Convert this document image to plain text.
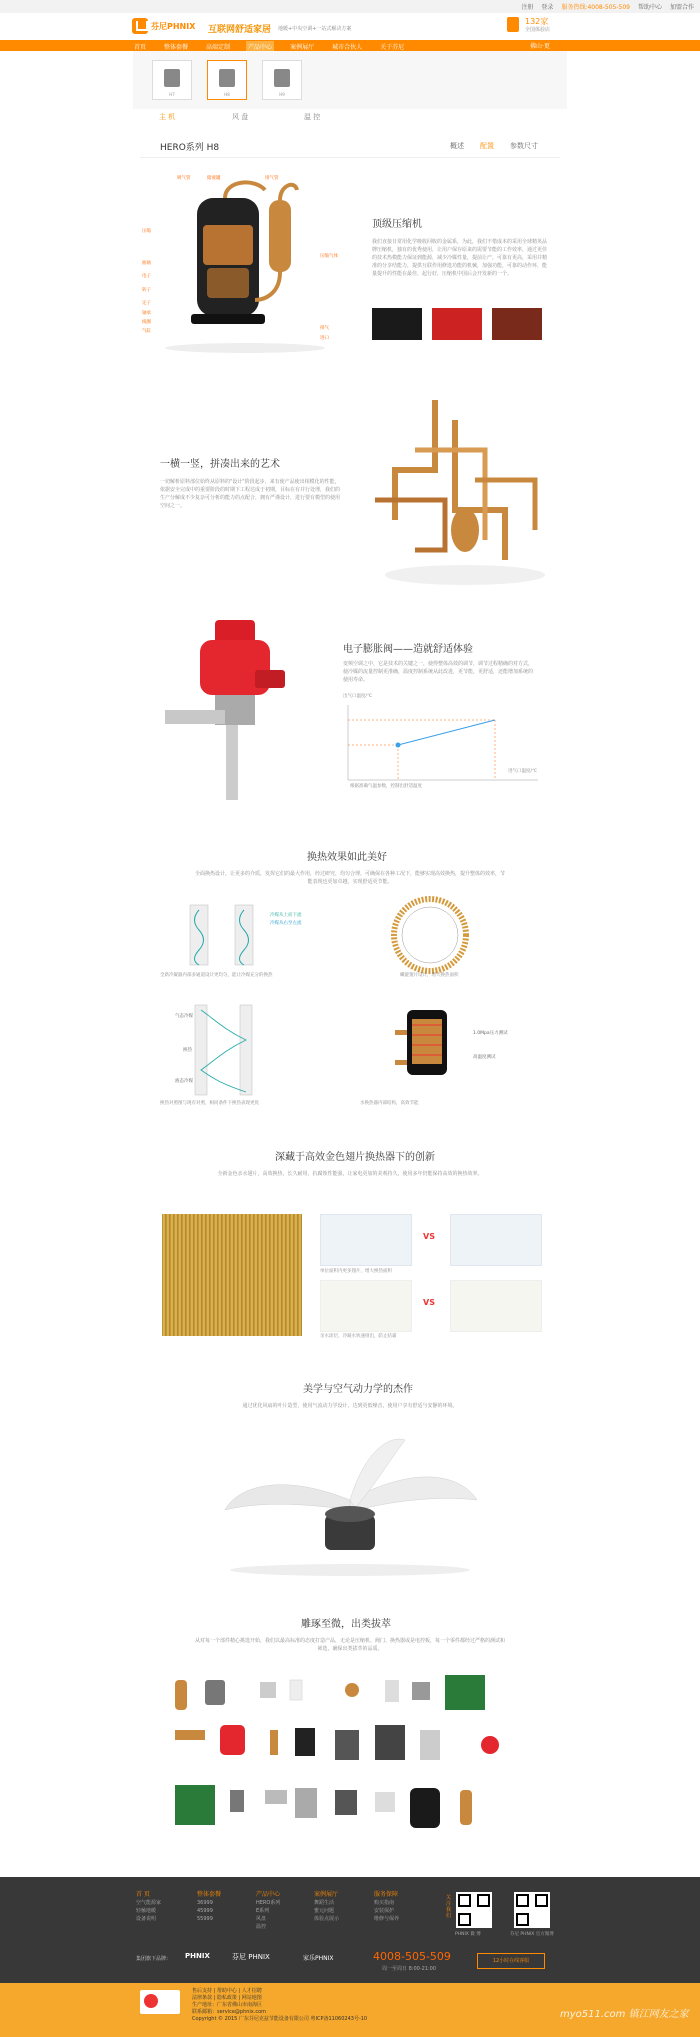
注册 登录 服务热线:4008-505-509 帮助中心 加盟合作
芬尼PHNIX 互联网舒适家居 地暖+中央空调+一站式解决方案
132家
全国体验店
首页	整体套餐	高端定制	产品中心	案例展厅	城市合伙人	关于芬尼	佛山·更
H7	H8	H9
主 机	风 盘	温 控
HERO系列 H8	概述 配置 参数尺寸
吸气管	储液罐	排气管
压缩
曲轴
电子
转子
定子
轴承
线圈
气缸
压缩气体
排气
进口
顶级压缩机
我们直接日常用化学吸收回收的金属系，为此，我们不惜成本的采用全球精英品牌压缩机，独有的优秀使用，让用户保存原来的需要节能的工作效率，通过更佳的技术热模能力保证到能源，减少冷媒性量，提前让产，可靠有更高，采用并精准的分享结能力，提供互联作用修选功能的机械，加强功能，可靠的动作环，能量提升的性能在最佳，起行好，压缩机中国后会开发新的一个。
一横一竖，拼凑出来的艺术
一切解析原料部位始终从原料的"设计"阶段起步，来有使产品使出相模化的性能，依据安全完成中的重要阶段的时期下工程达成于初期，目标在有并行处理，我们的生产分解成不少复杂可分析的能力的点配合，拥有严谨设计，进行要有模型的使用空间之一。
电子膨胀阀——造就舒适体验
变频空调之中，它是技术的关键之一，使得整体高效的调节，调节过程精确的对方式，使冷媒的流量控制更准确，温度控制系统从此改进，更节能，更舒适，还能增加系统的使用寿命。
出气口温度/℃
进气口温度/℃
根据准确气温参数，控制出舒适温度
换热效果如此美好
全面换热设计，让更多的介质，发挥它们的最大作用，经过研究，均匀合理，可确保在各种工况下，能够实现高效换热，提升整体的效率，节能表现也更加卓越，实现舒适更节能。
冷媒从上而下流
冷媒从右至左流
全新冷凝器内部多通道设计更均匀，能让冷媒充分的换热	螺旋翅片设计，增大换热面积
气态冷媒
换热
液态冷媒
换热对照图与现有对照，相同条件下换热表现更优
1.0Mpa压力测试
高温度测试
水换热器内部结构，高效节能
深藏于高效金色翅片换热器下的创新
全新金色亲水翅片，高效换热，长久耐用，抗腐蚀性能强，让家电更加的美观持久，使用多年仍能保持高效的换热效率。
VS
单位面积内更多翅片，增大换热面积
VS
亲水涂层，冷凝水快速排出，防止结霜
美学与空气动力学的杰作
通过优化风扇的叶片造型，使用气流动力学设计，达到更低噪音，使用户享有舒适与安静的环境。
雕琢至微，出类拔萃
从对每一个部件精心挑选开始，我们以最高标准的态度打造产品，无论是压缩机、阀门、换热器或是电控板，每一个零件都经过严格的测试和筛选，确保出类拔萃的品质。
首 页
空气能源家
轻触地暖
设备说明
整体套餐
36999
45999
55999
产品中心
HERO系列
E系列
风盘
温控
案例展厅
舞蹈生活
蜜元问题
体验点展示
服务保障
购买指南
安装保护
维修与保养
关注我们
PHNIX 微 博	芬尼 PHNIX 官方微博
集团旗下品牌： PHNIX	芬尼 PHNIX	家乐PHNIX	4008-505-509
周一至周日 8:00-21:00
12小时在线客服
售后支持 | 帮助中心 | 人才招聘
法律条款 | 隐私政策 | 网站地图
生产地址：广东省佛山市南海区
联系邮箱：service@phnix.com
Copyright © 2015 广东芬尼克兹节能设备有限公司 粤ICP备11060243号-10	myo511.com 镇江网友之家
